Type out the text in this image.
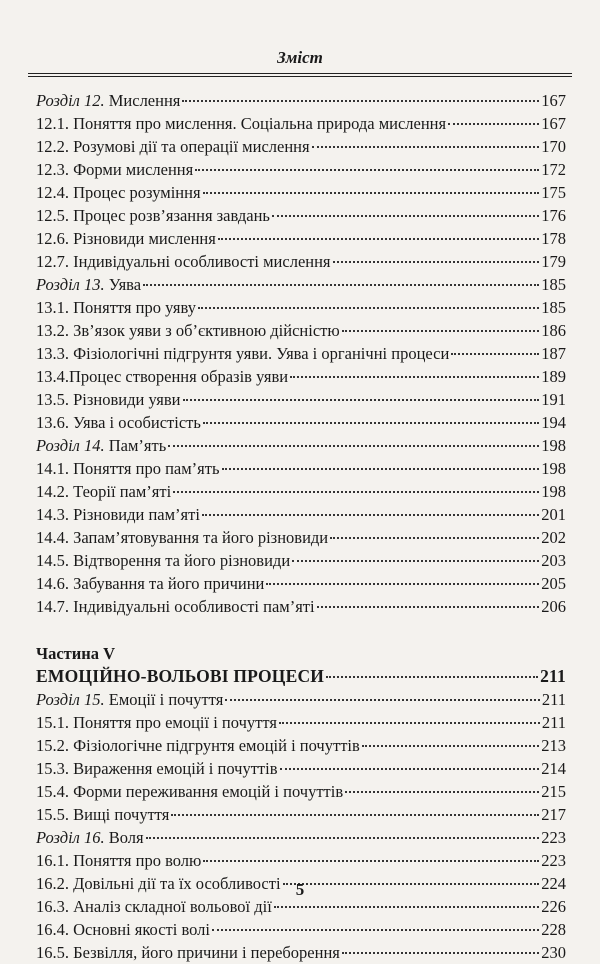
Зміст
Розділ 12. Мислення	167
12.1. Поняття про мислення. Соціальна природа мислення	167
12.2. Розумові дії та операції мислення	170
12.3. Форми мислення	172
12.4. Процес розуміння	175
12.5. Процес розв’язання завдань	176
12.6. Різновиди мислення	178
12.7. Індивідуальні особливості мислення	179
Розділ 13. Уява	185
13.1. Поняття про уяву	185
13.2. Зв’язок уяви з об’єктивною дійсністю	186
13.3. Фізіологічні підгрунтя уяви. Уява і органічні процеси	187
13.4.Процес створення образів уяви	189
13.5. Різновиди уяви	191
13.6. Уява і особистість	194
Розділ 14. Пам’ять	198
14.1. Поняття про пам’ять	198
14.2. Теорії пам’яті	198
14.3. Різновиди пам’яті	201
14.4. Запам’ятовування та його різновиди	202
14.5. Відтворення та його різновиди	203
14.6. Забування та його причини	205
14.7. Індивідуальні особливості пам’яті	206
Частина V
ЕМОЦІЙНО-ВОЛЬОВІ ПРОЦЕСИ	211
Розділ 15. Емоції і почуття	211
15.1. Поняття про емоції і почуття	211
15.2. Фізіологічне підгрунтя емоцій і почуттів	213
15.3. Вираження емоцій і почуттів	214
15.4. Форми переживання емоцій і почуттів	215
15.5. Вищі почуття	217
Розділ 16. Воля	223
16.1. Поняття про волю	223
16.2. Довільні дії та їх особливості	224
16.3. Аналіз складної вольової дії	226
16.4. Основні якості волі	228
16.5. Безвілля, його причини і переборення	230
5
